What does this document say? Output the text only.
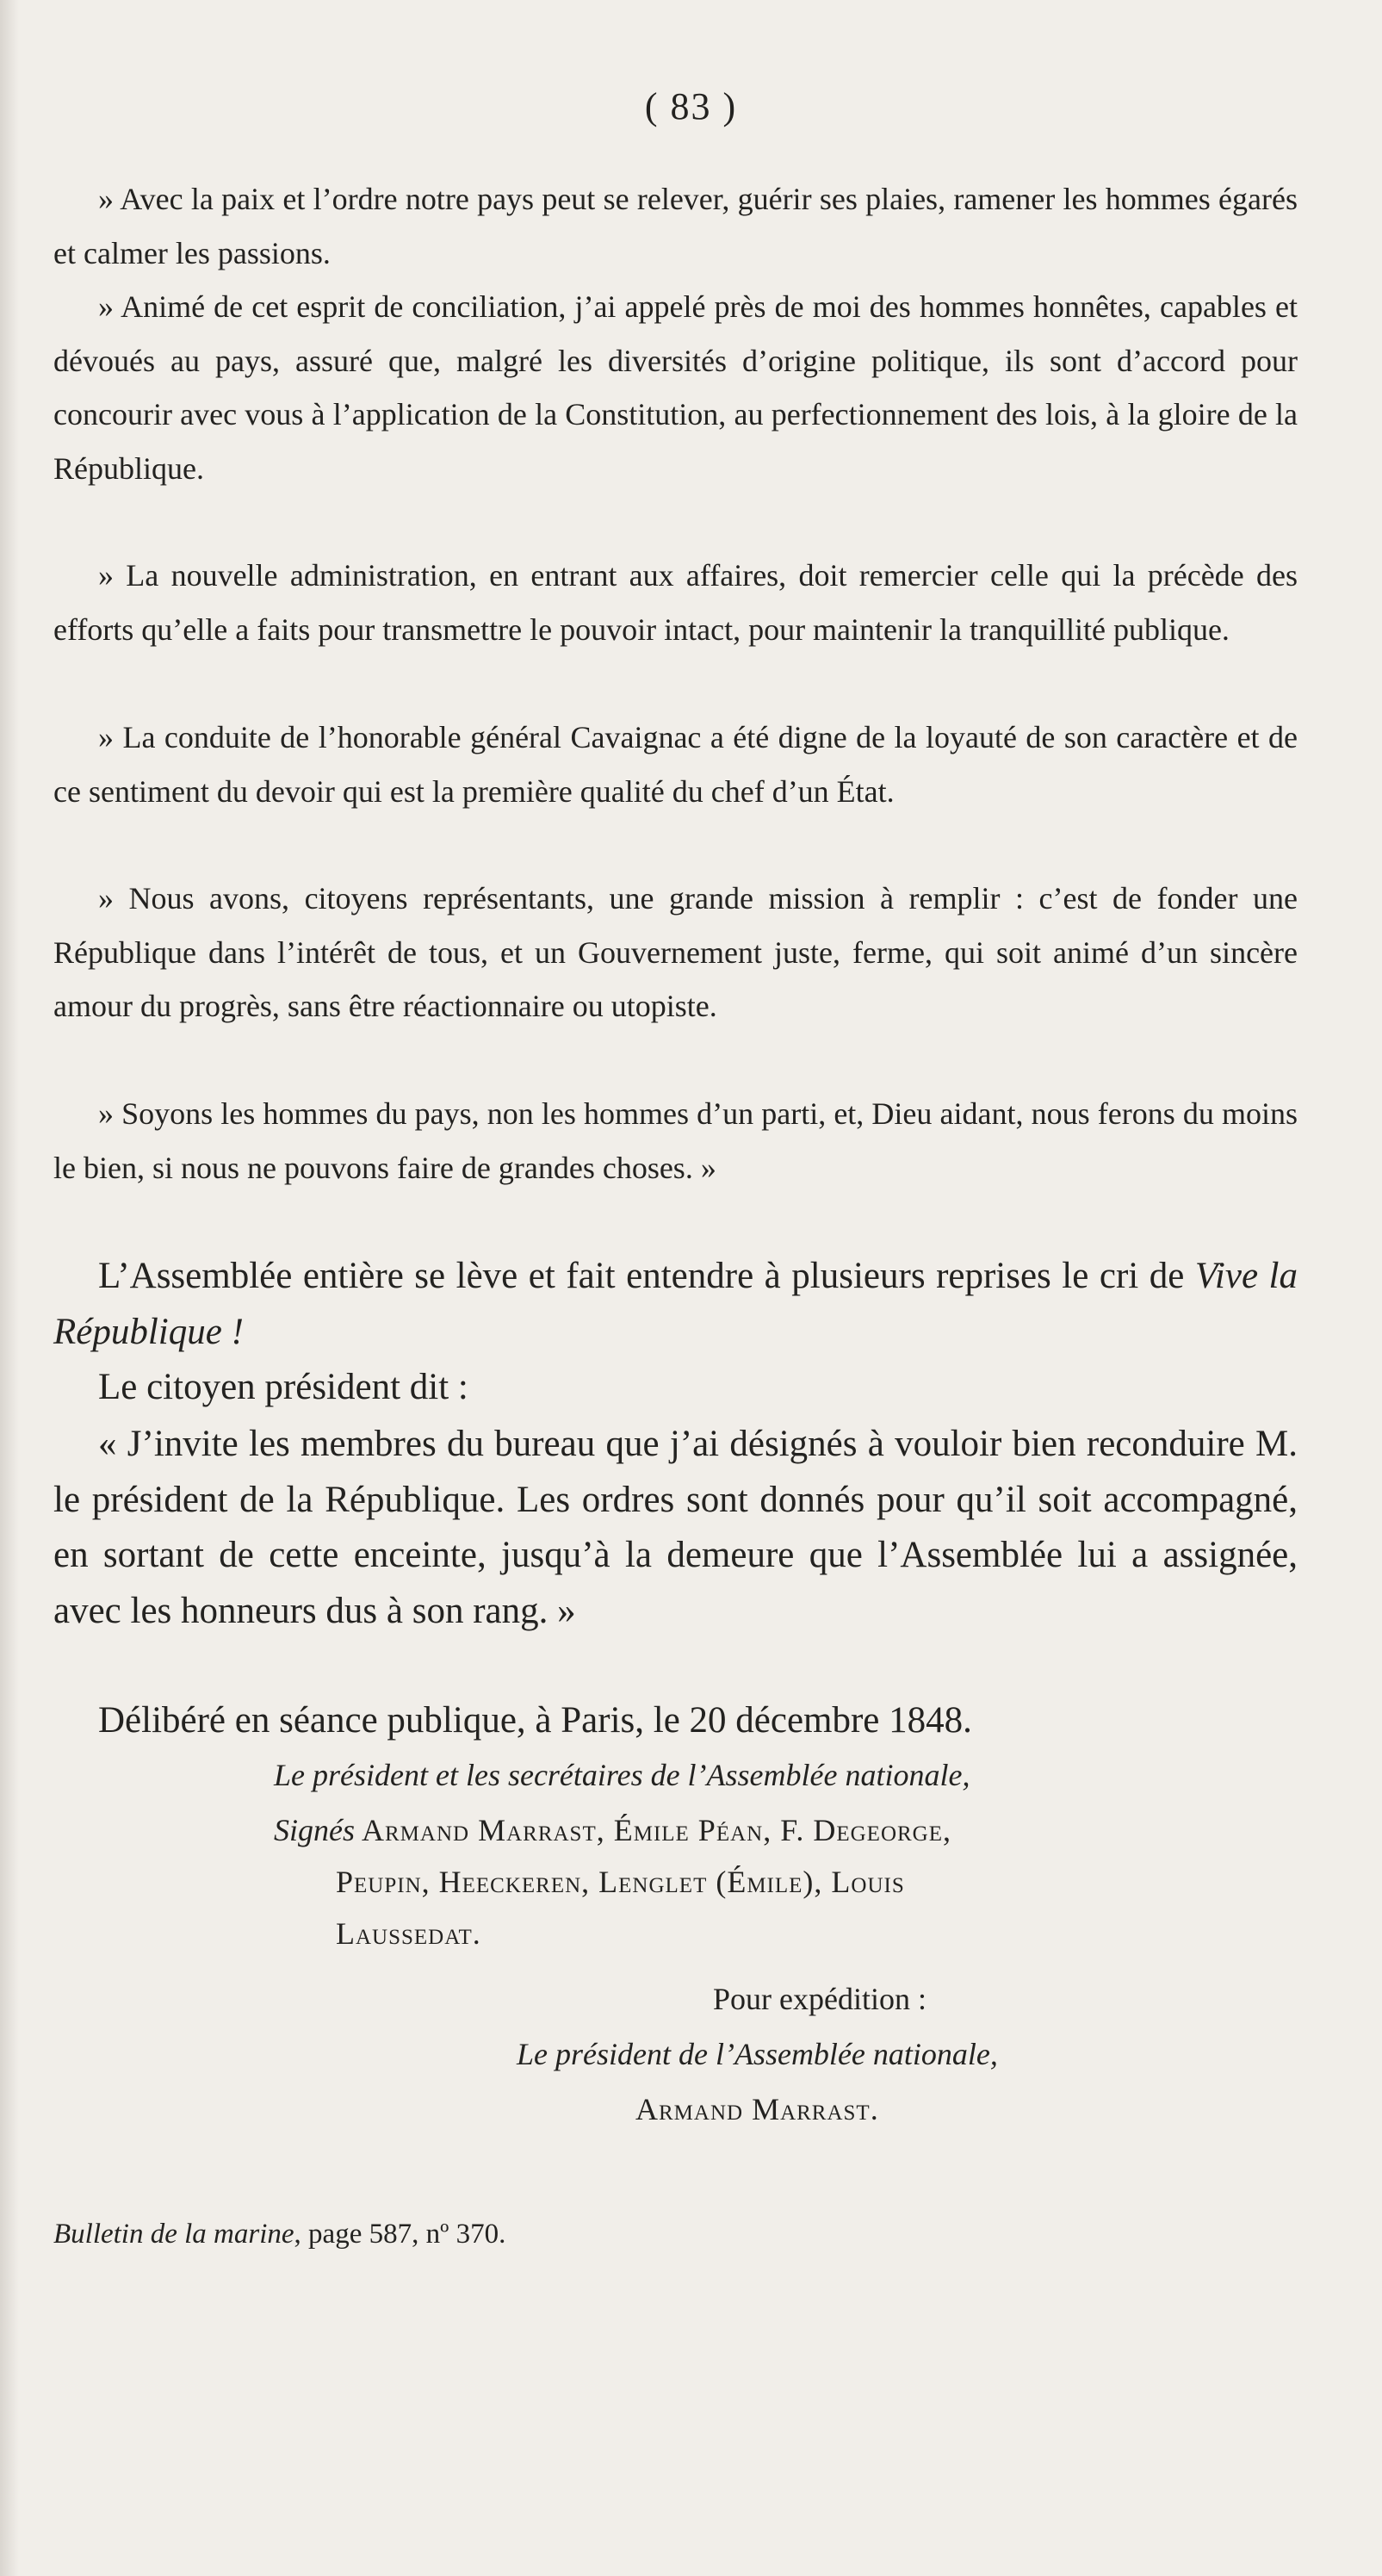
( 83 )

» Avec la paix et l’ordre notre pays peut se relever, guérir ses plaies, ramener les hommes égarés et calmer les passions.

» Animé de cet esprit de conciliation, j’ai appelé près de moi des hommes honnêtes, capables et dévoués au pays, assuré que, malgré les diversités d’origine politique, ils sont d’accord pour concourir avec vous à l’application de la Constitution, au perfectionnement des lois, à la gloire de la République.

» La nouvelle administration, en entrant aux affaires, doit remercier celle qui la précède des efforts qu’elle a faits pour transmettre le pouvoir intact, pour maintenir la tranquillité publique.

» La conduite de l’honorable général Cavaignac a été digne de la loyauté de son caractère et de ce sentiment du devoir qui est la première qualité du chef d’un État.

» Nous avons, citoyens représentants, une grande mission à remplir : c’est de fonder une République dans l’intérêt de tous, et un Gouvernement juste, ferme, qui soit animé d’un sincère amour du progrès, sans être réactionnaire ou utopiste.

» Soyons les hommes du pays, non les hommes d’un parti, et, Dieu aidant, nous ferons du moins le bien, si nous ne pouvons faire de grandes choses. »

L’Assemblée entière se lève et fait entendre à plusieurs reprises le cri de Vive la République !

Le citoyen président dit :

« J’invite les membres du bureau que j’ai désignés à vouloir bien reconduire M. le président de la République. Les ordres sont donnés pour qu’il soit accompagné, en sortant de cette enceinte, jusqu’à la demeure que l’Assemblée lui a assignée, avec les honneurs dus à son rang. »

Délibéré en séance publique, à Paris, le 20 décembre 1848.

Le président et les secrétaires de l’Assemblée nationale,

Signés Armand Marrast, Émile Péan, F. Degeorge,

Peupin, Heeckeren, Lenglet (Émile), Louis

Laussedat.

Pour expédition :

Le président de l’Assemblée nationale,

Armand Marrast.

Bulletin de la marine, page 587, nº 370.
